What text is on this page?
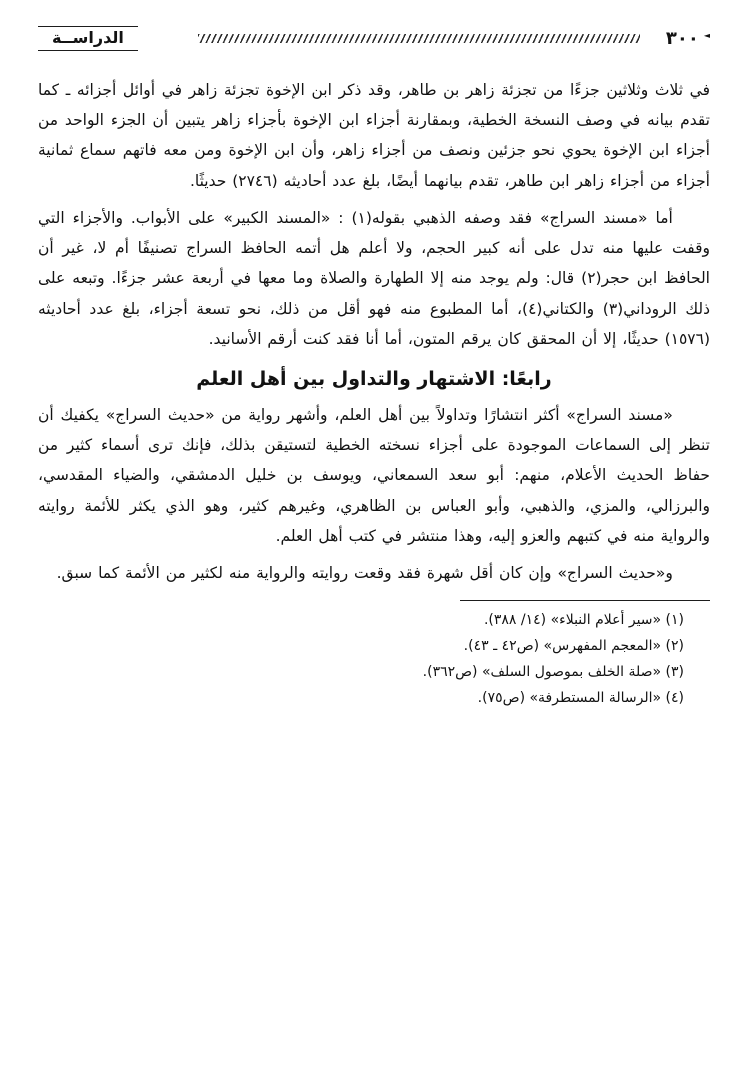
◄
٣٠٠
الدراســة

في ثلاث وثلاثين جزءًا من تجزئة زاهر بن طاهر، وقد ذكر ابن الإخوة تجزئة زاهر في أوائل أجزائه ـ كما تقدم بيانه في وصف النسخة الخطية، وبمقارنة أجزاء ابن الإخوة بأجزاء زاهر يتبين أن الجزء الواحد من أجزاء ابن الإخوة يحوي نحو جزئين ونصف من أجزاء زاهر، وأن ابن الإخوة ومن معه فاتهم سماع ثمانية أجزاء من أجزاء زاهر ابن طاهر، تقدم بيانهما أيضًا، بلغ عدد أحاديثه (٢٧٤٦) حديثًا.

أما «مسند السراج» فقد وصفه الذهبي بقوله(١) : «المسند الكبير» على الأبواب. والأجزاء التي وقفت عليها منه تدل على أنه كبير الحجم، ولا أعلم هل أتمه الحافظ السراج تصنيفًا أم لا، غير أن الحافظ ابن حجر(٢) قال: ولم يوجد منه إلا الطهارة والصلاة وما معها في أربعة عشر جزءًا. وتبعه على ذلك الروداني(٣) والكتاني(٤)، أما المطبوع منه فهو أقل من ذلك، نحو تسعة أجزاء، بلغ عدد أحاديثه (١٥٧٦) حديثًا، إلا أن المحقق كان يرقم المتون، أما أنا فقد كنت أرقم الأسانيد.

رابعًا: الاشتهار والتداول بين أهل العلم

«مسند السراج» أكثر انتشارًا وتداولاً بين أهل العلم، وأشهر رواية من «حديث السراج» يكفيك أن تنظر إلى السماعات الموجودة على أجزاء نسخته الخطية لتستيقن بذلك، فإنك ترى أسماء كثير من حفاظ الحديث الأعلام، منهم: أبو سعد السمعاني، ويوسف بن خليل الدمشقي، والضياء المقدسي، والبرزالي، والمزي، والذهبي، وأبو العباس بن الظاهري، وغيرهم كثير، وهو الذي يكثر للأئمة روايته والرواية منه في كتبهم والعزو إليه، وهذا منتشر في كتب أهل العلم.

و«حديث السراج» وإن كان أقل شهرة فقد وقعت روايته والرواية منه لكثير من الأئمة كما سبق.

(١) «سير أعلام النبلاء» (١٤/ ٣٨٨).
(٢) «المعجم المفهرس» (ص٤٢ ـ ٤٣).
(٣) «صلة الخلف بموصول السلف» (ص٣٦٢).
(٤) «الرسالة المستطرفة» (ص٧٥).
